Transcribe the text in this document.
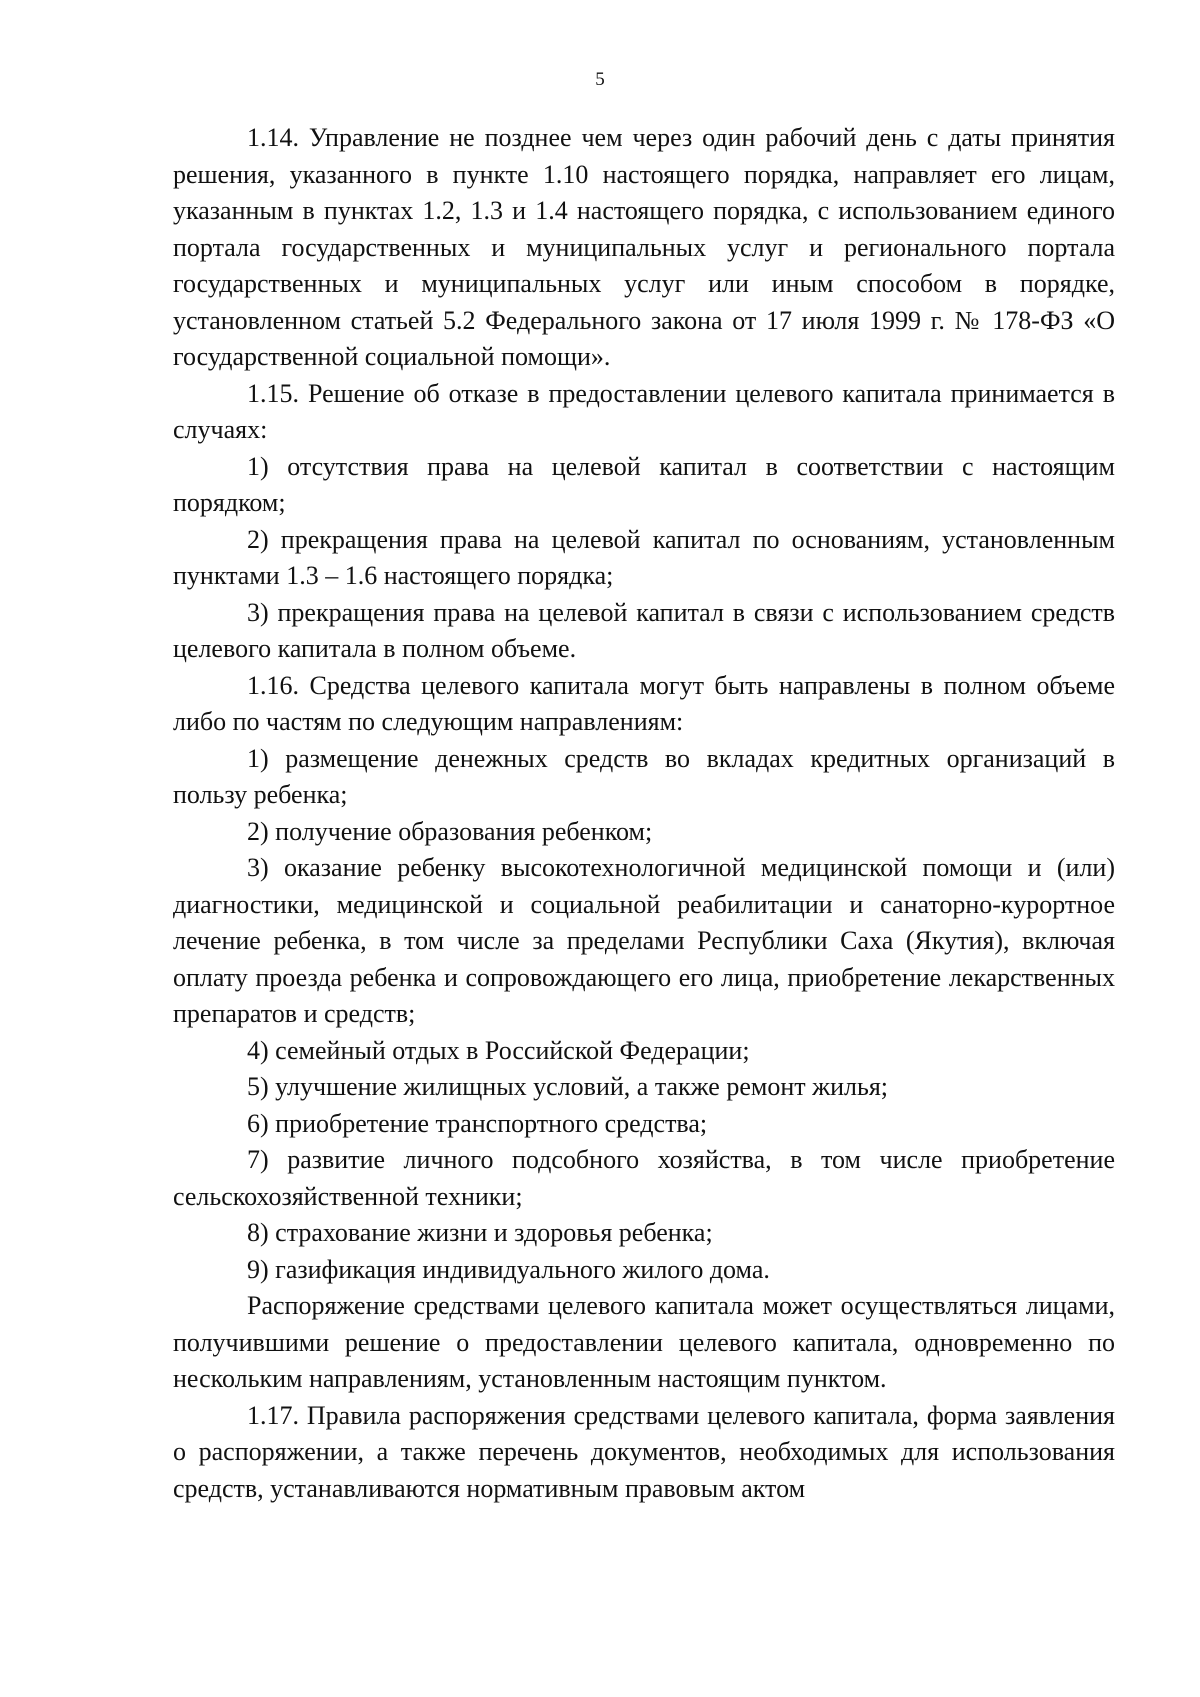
5

1.14. Управление не позднее чем через один рабочий день с даты принятия решения, указанного в пункте 1.10 настоящего порядка, направляет его лицам, указанным в пунктах 1.2, 1.3 и 1.4 настоящего порядка, с использованием единого портала государственных и муниципальных услуг и регионального портала государственных и муниципальных услуг или иным способом в порядке, установленном статьей 5.2 Федерального закона от 17 июля 1999 г. № 178-ФЗ «О государственной социальной помощи».

1.15. Решение об отказе в предоставлении целевого капитала принимается в случаях:

1) отсутствия права на целевой капитал в соответствии с настоящим порядком;

2) прекращения права на целевой капитал по основаниям, установленным пунктами 1.3 – 1.6 настоящего порядка;

3) прекращения права на целевой капитал в связи с использованием средств целевого капитала в полном объеме.

1.16. Средства целевого капитала могут быть направлены в полном объеме либо по частям по следующим направлениям:

1) размещение денежных средств во вкладах кредитных организаций в пользу ребенка;

2) получение образования ребенком;

3) оказание ребенку высокотехнологичной медицинской помощи и (или) диагностики, медицинской и социальной реабилитации и санаторно-курортное лечение ребенка, в том числе за пределами Республики Саха (Якутия), включая оплату проезда ребенка и сопровождающего его лица, приобретение лекарственных препаратов и средств;

4) семейный отдых в Российской Федерации;

5) улучшение жилищных условий, а также ремонт жилья;

6) приобретение транспортного средства;

7) развитие личного подсобного хозяйства, в том числе приобретение сельскохозяйственной техники;

8) страхование жизни и здоровья ребенка;

9) газификация индивидуального жилого дома.

Распоряжение средствами целевого капитала может осуществляться лицами, получившими решение о предоставлении целевого капитала, одновременно по нескольким направлениям, установленным настоящим пунктом.

1.17. Правила распоряжения средствами целевого капитала, форма заявления о распоряжении, а также перечень документов, необходимых для использования средств, устанавливаются нормативным правовым актом
